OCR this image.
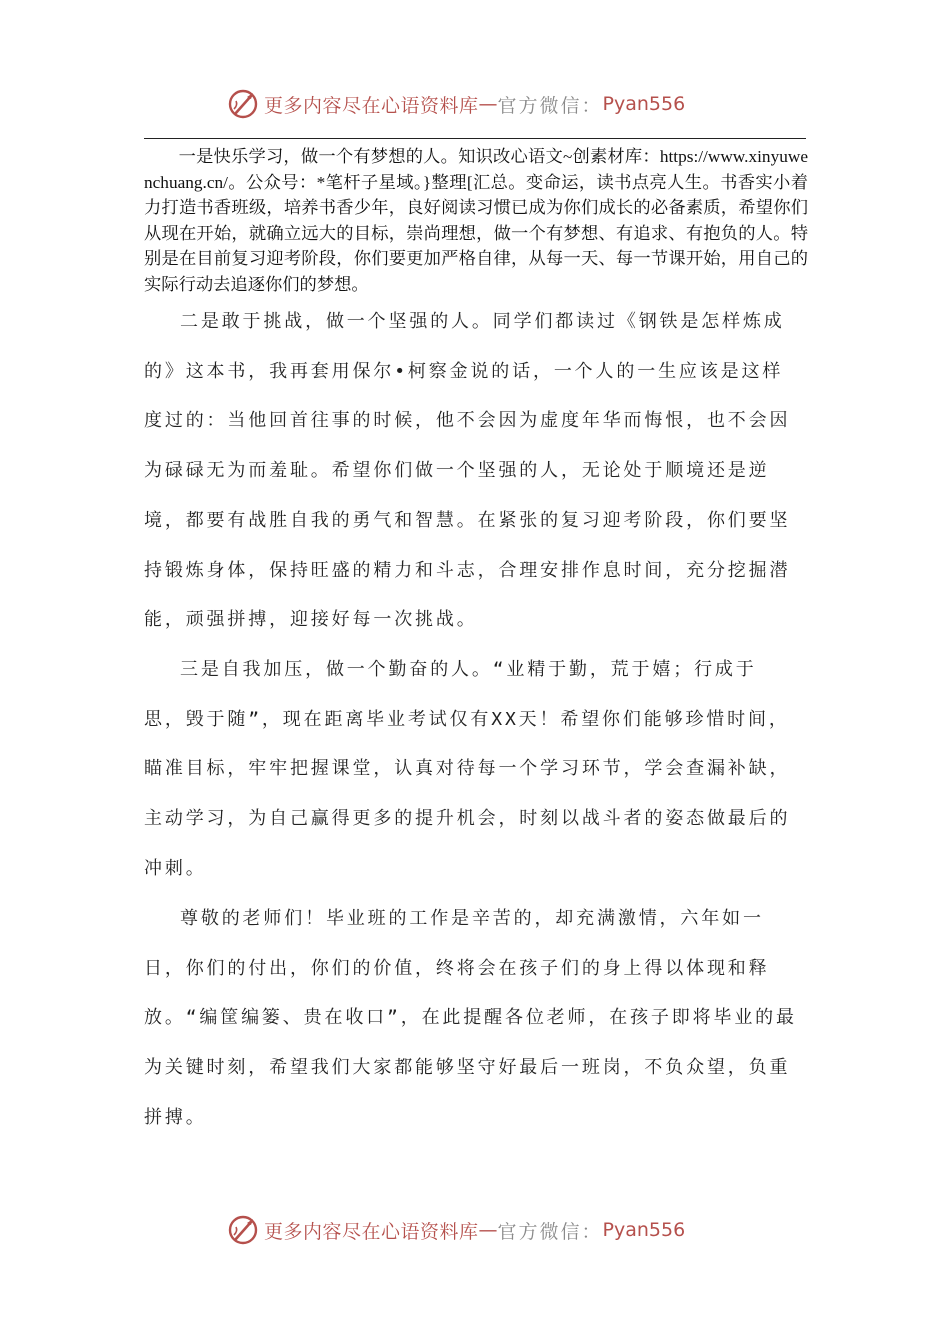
更多内容尽在心语资料库 — 官方微信： Pyan556

一是快乐学习，做一个有梦想的人。知识改心语文~创素材库：https://www.xinyuwenchuang.cn/。公众号：*笔杆子星域。}整理[汇总。变命运，读书点亮人生。书香实小着力打造书香班级，培养书香少年，良好阅读习惯已成为你们成长的必备素质，希望你们从现在开始，就确立远大的目标，崇尚理想，做一个有梦想、有追求、有抱负的人。特别是在目前复习迎考阶段，你们要更加严格自律，从每一天、每一节课开始，用自己的实际行动去追逐你们的梦想。

二是敢于挑战，做一个坚强的人。同学们都读过《钢铁是怎样炼成的》这本书，我再套用保尔•柯察金说的话，一个人的一生应该是这样度过的：当他回首往事的时候，他不会因为虚度年华而悔恨，也不会因为碌碌无为而羞耻。希望你们做一个坚强的人，无论处于顺境还是逆境，都要有战胜自我的勇气和智慧。在紧张的复习迎考阶段，你们要坚持锻炼身体，保持旺盛的精力和斗志，合理安排作息时间，充分挖掘潜能，顽强拼搏，迎接好每一次挑战。

三是自我加压，做一个勤奋的人。“业精于勤，荒于嬉；行成于思，毁于随”，现在距离毕业考试仅有XX天！希望你们能够珍惜时间，瞄准目标，牢牢把握课堂，认真对待每一个学习环节，学会查漏补缺，主动学习，为自己赢得更多的提升机会，时刻以战斗者的姿态做最后的冲刺。

尊敬的老师们！毕业班的工作是辛苦的，却充满激情，六年如一日，你们的付出，你们的价值，终将会在孩子们的身上得以体现和释放。“编筐编篓、贵在收口”，在此提醒各位老师，在孩子即将毕业的最为关键时刻，希望我们大家都能够坚守好最后一班岗，不负众望，负重拼搏。

更多内容尽在心语资料库 — 官方微信： Pyan556
